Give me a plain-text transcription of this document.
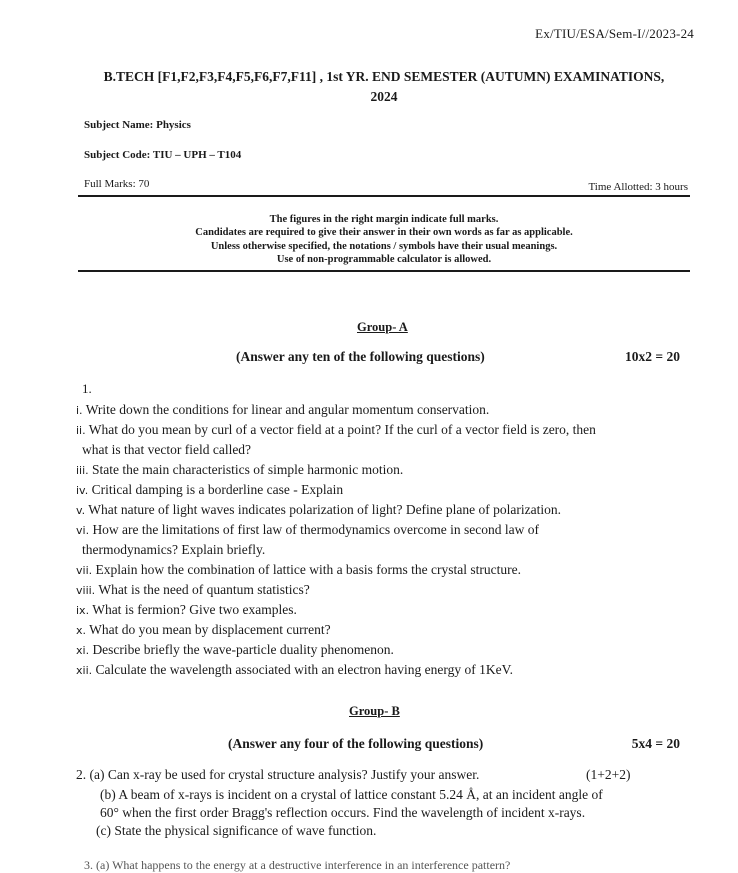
Ex/TIU/ESA/Sem-I//2023-24
B.TECH [F1,F2,F3,F4,F5,F6,F7,F11] , 1st YR. END SEMESTER (AUTUMN) EXAMINATIONS,
2024
Subject Name: Physics
Subject Code: TIU – UPH – T104
Full Marks: 70	Time Allotted: 3 hours
The figures in the right margin indicate full marks.
Candidates are required to give their answer in their own words as far as applicable.
Unless otherwise specified, the notations / symbols have their usual meanings.
Use of non-programmable calculator is allowed.
Group- A
(Answer any ten of the following questions)	10x2 = 20
1.
i. Write down the conditions for linear and angular momentum conservation.
ii. What do you mean by curl of a vector field at a point? If the curl of a vector field is zero, then
what is that vector field called?
iii. State the main characteristics of simple harmonic motion.
iv. Critical damping is a borderline case - Explain
v. What nature of light waves indicates polarization of light? Define plane of polarization.
vi. How are the limitations of first law of thermodynamics overcome in second law of
thermodynamics? Explain briefly.
vii. Explain how the combination of lattice with a basis forms the crystal structure.
viii. What is the need of quantum statistics?
ix. What is fermion? Give two examples.
x. What do you mean by displacement current?
xi. Describe briefly the wave-particle duality phenomenon.
xii. Calculate the wavelength associated with an electron having energy of 1KeV.
Group- B
(Answer any four of the following questions)	5x4 = 20
2. (a) Can x-ray be used for crystal structure analysis? Justify your answer.	(1+2+2)
(b) A beam of x-rays is incident on a crystal of lattice constant 5.24 Å, at an incident angle of
60° when the first order Bragg's reflection occurs. Find the wavelength of incident x-rays.
(c) State the physical significance of wave function.
3. (a) What happens to the energy at a destructive interference in an interference pattern?
